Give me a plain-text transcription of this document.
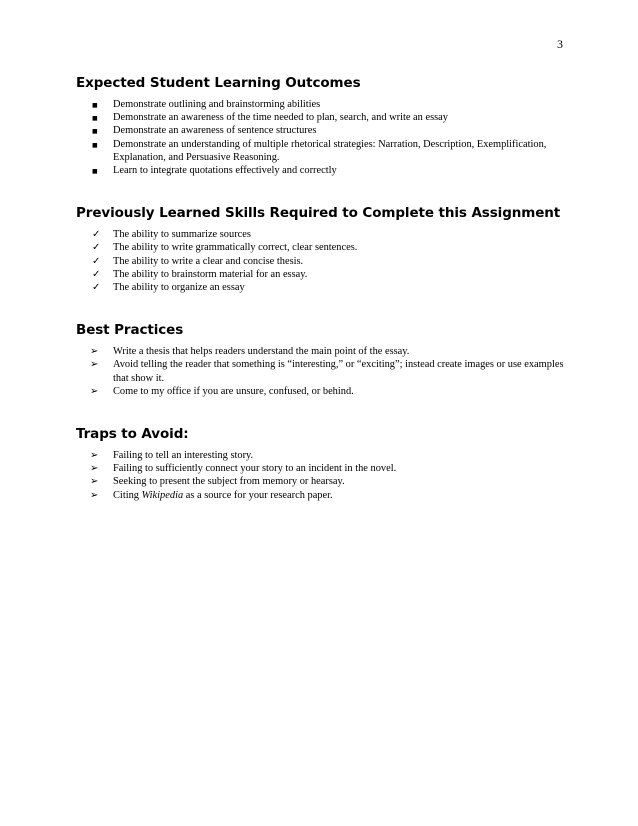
3
Expected Student Learning Outcomes
■	Demonstrate outlining and brainstorming abilities
■	Demonstrate an awareness of the time needed to plan, search, and write an essay
■	Demonstrate an awareness of sentence structures
■	Demonstrate an understanding of multiple rhetorical strategies: Narration, Description, Exemplification, Explanation, and Persuasive Reasoning.
■	Learn to integrate quotations effectively and correctly
Previously Learned Skills Required to Complete this Assignment
✓	The ability to summarize sources
✓	The ability to write grammatically correct, clear sentences.
✓	The ability to write a clear and concise thesis.
✓	The ability to brainstorm material for an essay.
✓	The ability to organize an essay
Best Practices
➢	Write a thesis that helps readers understand the main point of the essay.
➢	Avoid telling the reader that something is “interesting,” or “exciting”; instead create images or use examples that show it.
➢	Come to my office if you are unsure, confused, or behind.
Traps to Avoid:
➢	Failing to tell an interesting story.
➢	Failing to sufficiently connect your story to an incident in the novel.
➢	Seeking to present the subject from memory or hearsay.
➢	Citing Wikipedia as a source for your research paper.
